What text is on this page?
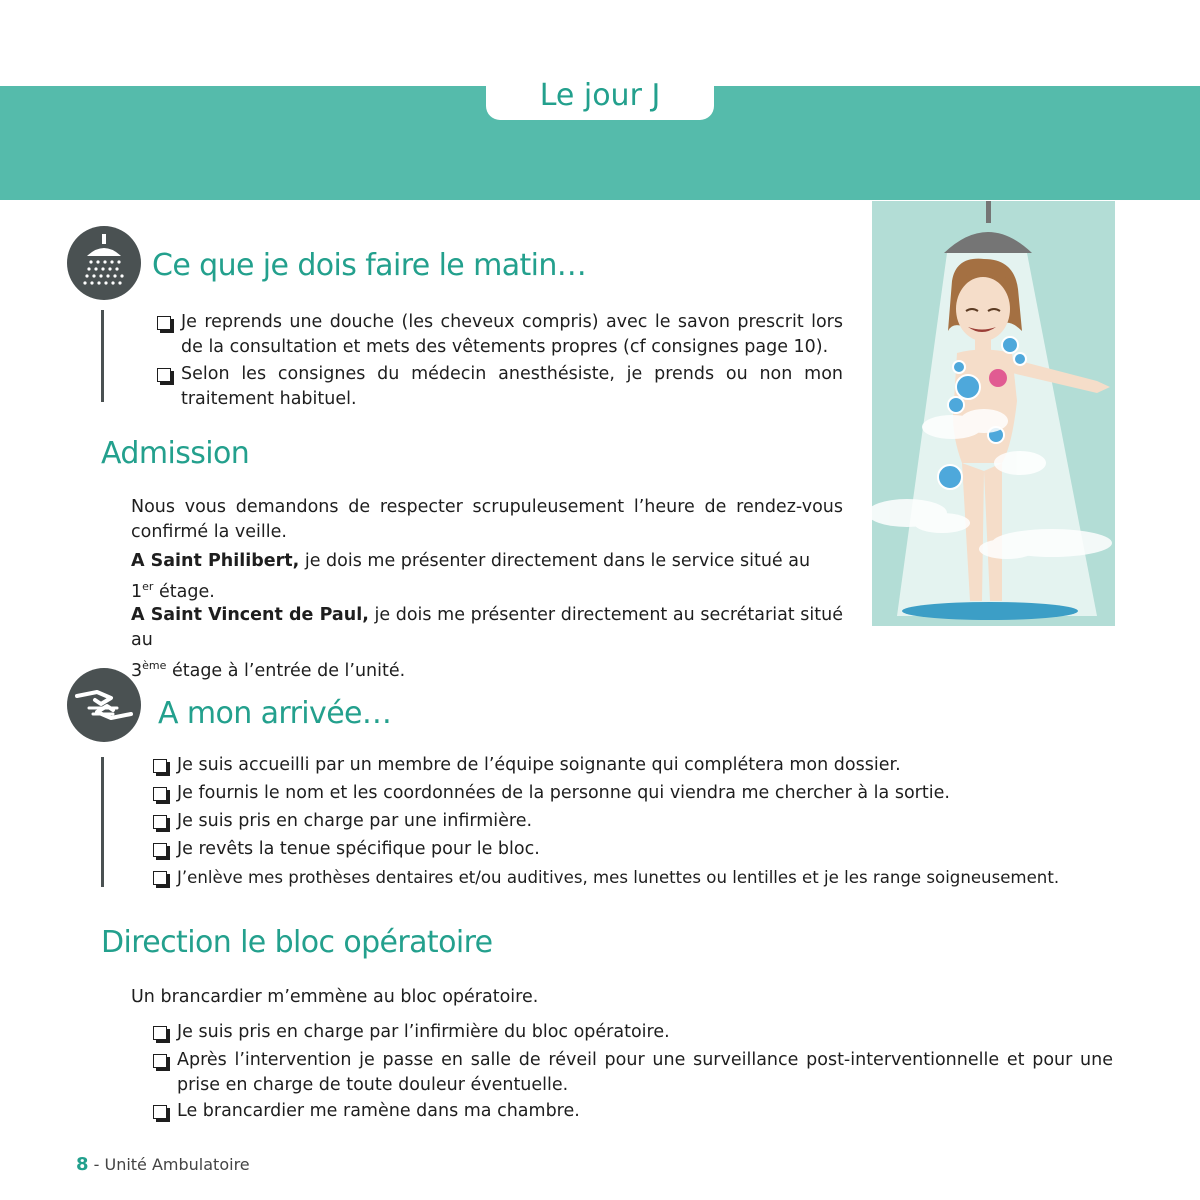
Le jour J
Ce que je dois faire le matin…
Je reprends une douche (les cheveux compris) avec le savon prescrit lors de la consultation et mets des vêtements propres (cf consignes page 10).
Selon les consignes du médecin anesthésiste, je prends ou non mon traitement habituel.
Admission
Nous vous demandons de respecter scrupuleusement l’heure de rendez-vous confirmé la veille.
A Saint Philibert, je dois me présenter directement dans le service situé au
1er étage.
A Saint Vincent de Paul, je dois me présenter directement au secrétariat situé au
3ème étage à l’entrée de l’unité.
A mon arrivée…
Je suis accueilli par un membre de l’équipe soignante qui complétera mon dossier.
Je fournis le nom et les coordonnées de la personne qui viendra me chercher à la sortie.
Je suis pris en charge par une infirmière.
Je revêts la tenue spécifique pour le bloc.
J’enlève mes prothèses dentaires et/ou auditives, mes lunettes ou lentilles et je les range soigneusement.
Direction le bloc opératoire
Un brancardier m’emmène au bloc opératoire.
Je suis pris en charge par l’infirmière du bloc opératoire.
Après l’intervention je passe en salle de réveil pour une surveillance post-interventionnelle et pour une prise en charge de toute douleur éventuelle.
Le brancardier me ramène dans ma chambre.
8 - Unité Ambulatoire
